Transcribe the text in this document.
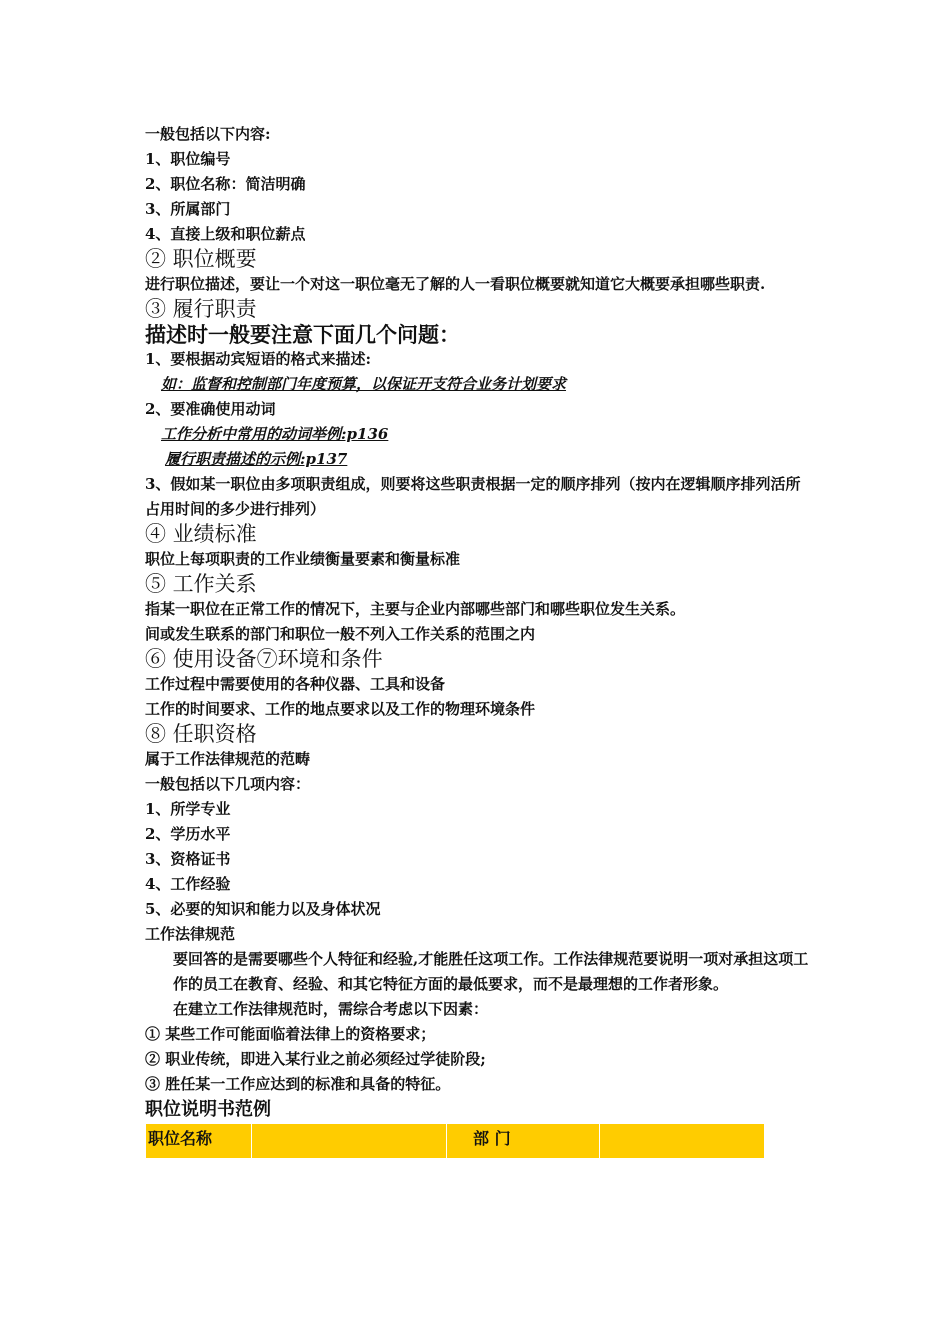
一般包括以下内容:
1、职位编号
2、职位名称：简洁明确
3、所属部门
4、直接上级和职位薪点
② 职位概要
进行职位描述，要让一个对这一职位毫无了解的人一看职位概要就知道它大概要承担哪些职责.
③ 履行职责
描述时一般要注意下面几个问题：
1、要根据动宾短语的格式来描述:
如：监督和控制部门年度预算，以保证开支符合业务计划要求
2、要准确使用动词
工作分析中常用的动词举例:p136
履行职责描述的示例:p137
3、假如某一职位由多项职责组成，则要将这些职责根据一定的顺序排列（按内在逻辑顺序排列活所占用时间的多少进行排列）
④ 业绩标准
职位上每项职责的工作业绩衡量要素和衡量标准
⑤ 工作关系
指某一职位在正常工作的情况下，主要与企业内部哪些部门和哪些职位发生关系。
间或发生联系的部门和职位一般不列入工作关系的范围之内
⑥ 使用设备⑦环境和条件
工作过程中需要使用的各种仪器、工具和设备
工作的时间要求、工作的地点要求以及工作的物理环境条件
⑧ 任职资格
属于工作法律规范的范畴
一般包括以下几项内容：
1、所学专业
2、学历水平
3、资格证书
4、工作经验
5、必要的知识和能力以及身体状况
工作法律规范
要回答的是需要哪些个人特征和经验,才能胜任这项工作。工作法律规范要说明一项对承担这项工作的员工在教育、经验、和其它特征方面的最低要求，而不是最理想的工作者形象。
在建立工作法律规范时，需综合考虑以下因素：
① 某些工作可能面临着法律上的资格要求；
② 职业传统，即进入某行业之前必须经过学徒阶段;
③ 胜任某一工作应达到的标准和具备的特征。
职位说明书范例
职位名称		部 门	
